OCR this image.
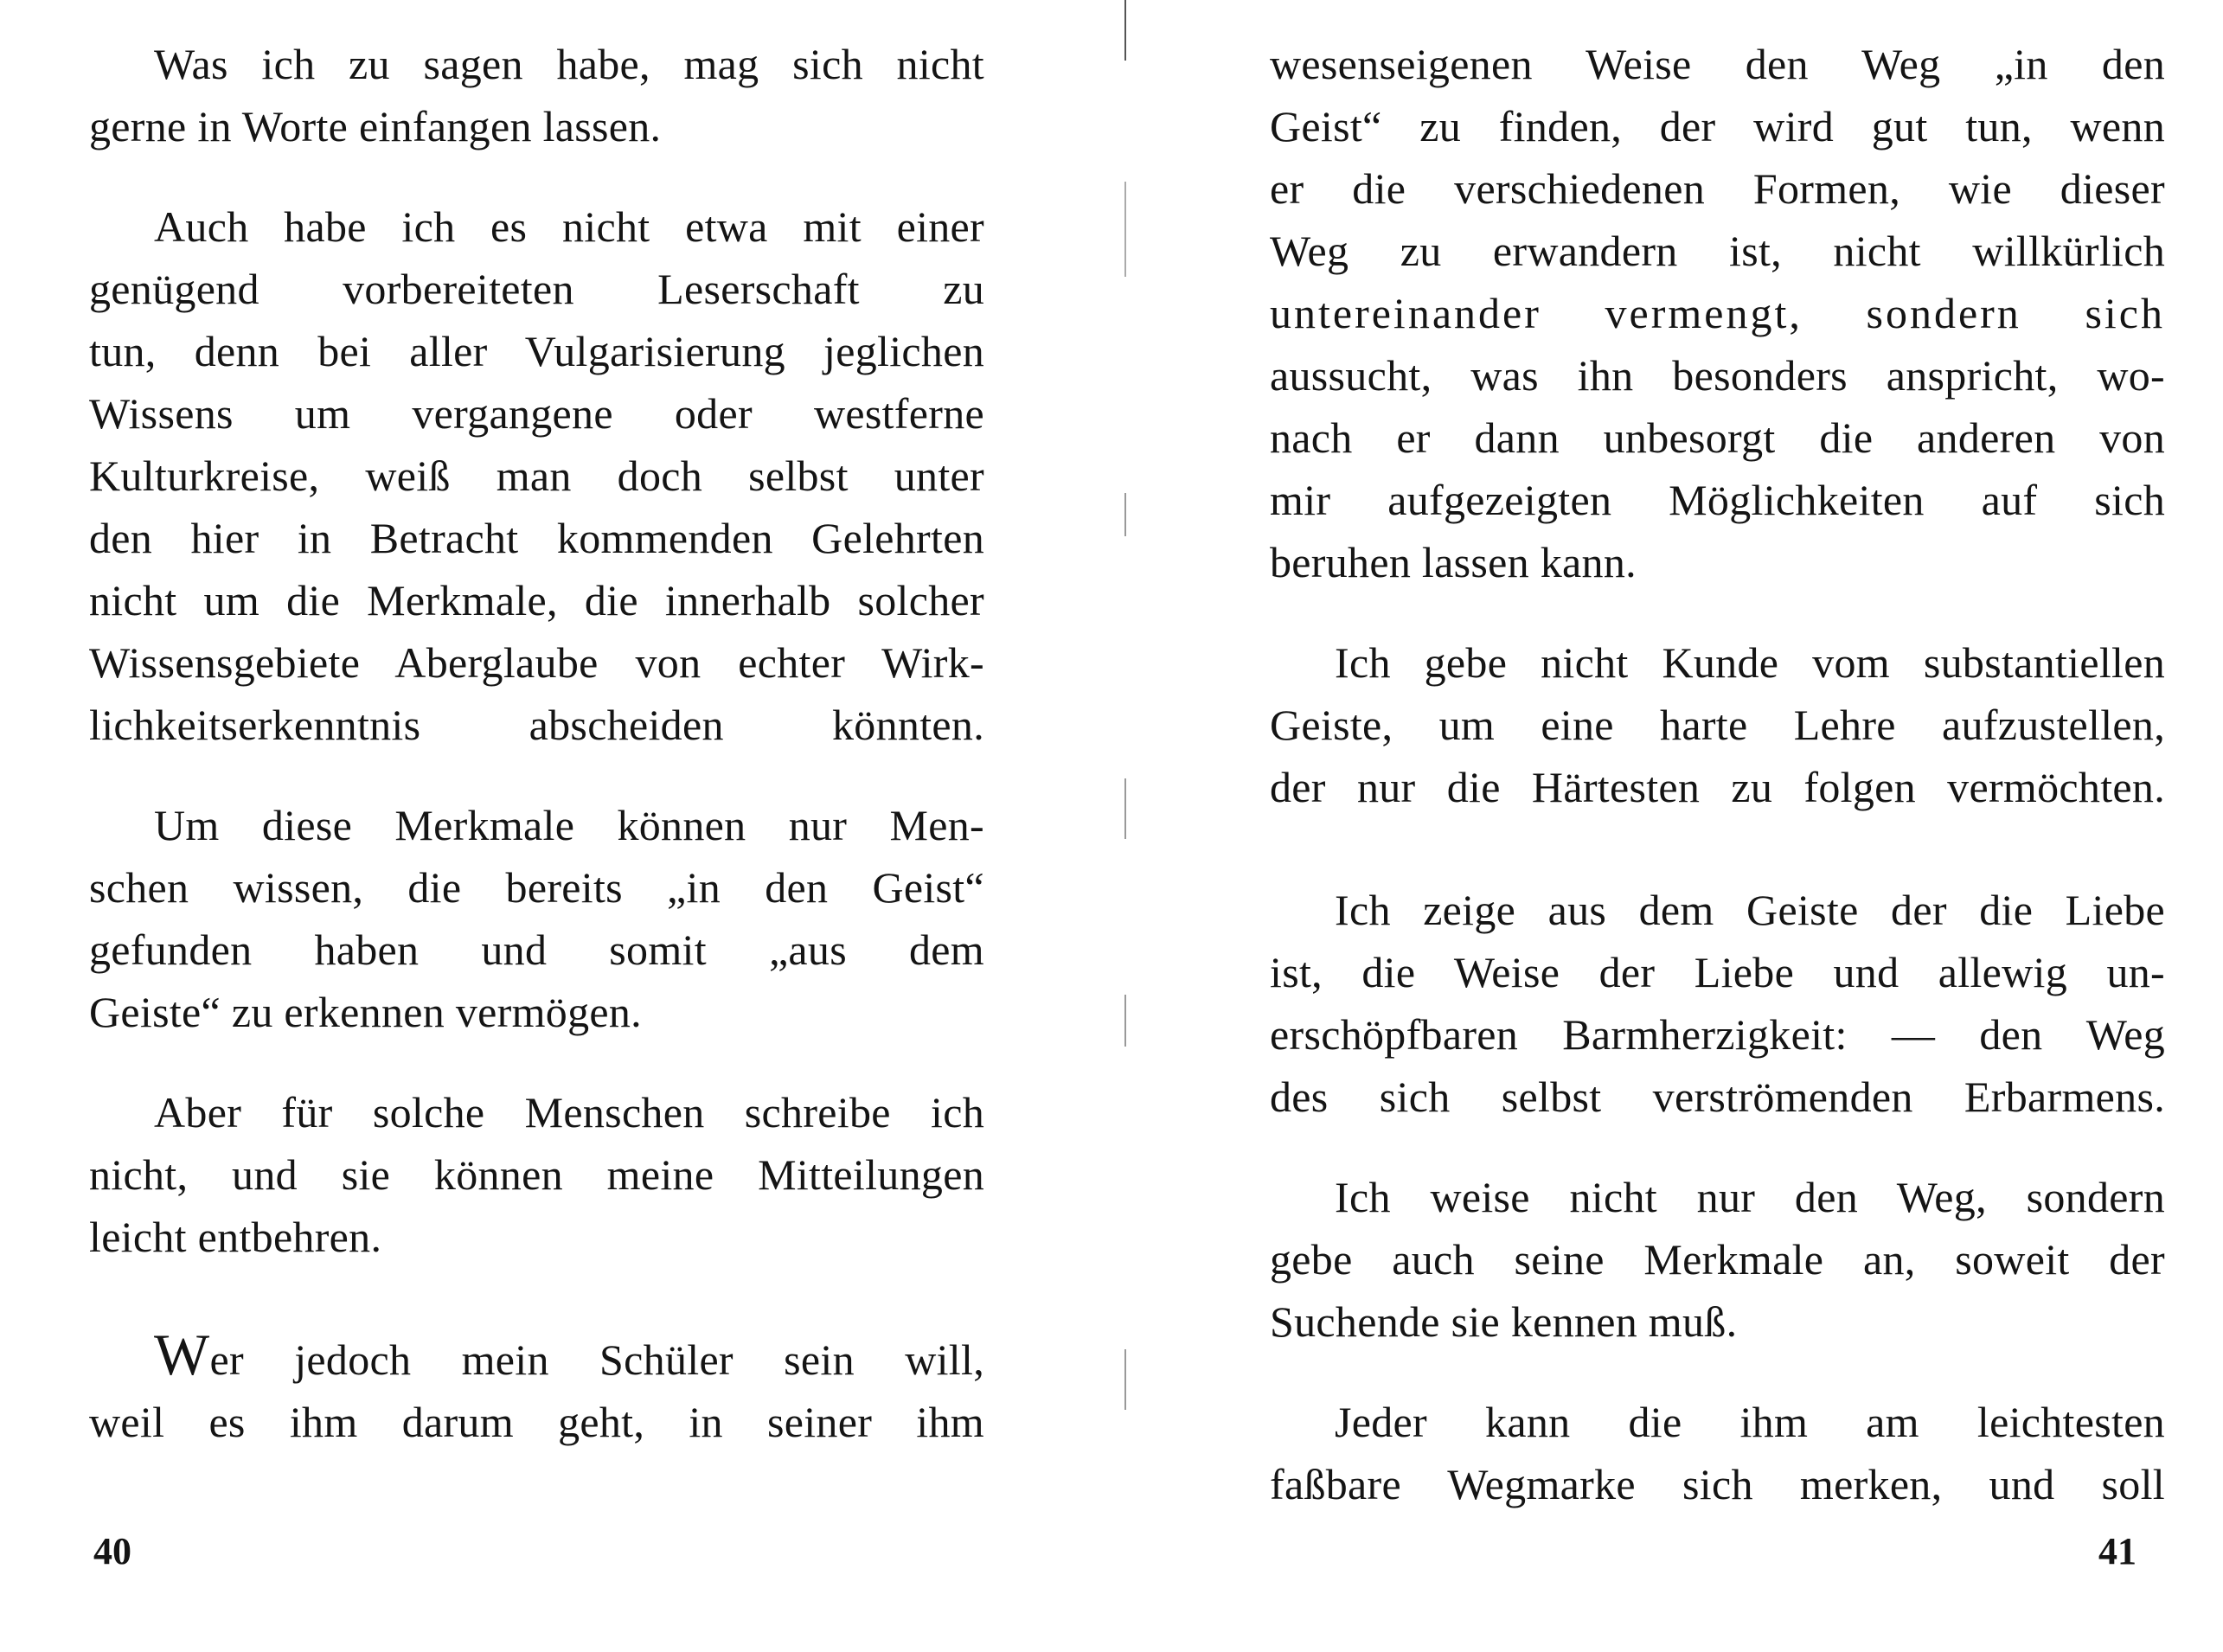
Was ich zu sagen habe, mag sich nicht
gerne in Worte einfangen lassen.

Auch habe ich es nicht etwa mit einer
genügend vorbereiteten Leserschaft zu
tun, denn bei aller Vulgarisierung jeglichen
Wissens um vergangene oder westferne
Kulturkreise, weiß man doch selbst unter
den hier in Betracht kommenden Gelehrten
nicht um die Merkmale, die innerhalb solcher
Wissensgebiete Aberglaube von echter Wirk-
lichkeitserkenntnis abscheiden könnten.

Um diese Merkmale können nur Men-
schen wissen, die bereits „in den Geist“
gefunden haben und somit „aus dem
Geiste“ zu erkennen vermögen.

Aber für solche Menschen schreibe ich
nicht, und sie können meine Mitteilungen
leicht entbehren.

Wer jedoch mein Schüler sein will,
weil es ihm darum geht, in seiner ihm

40

wesenseigenen Weise den Weg „in den
Geist“ zu finden, der wird gut tun, wenn
er die verschiedenen Formen, wie dieser
Weg zu erwandern ist, nicht willkürlich
untereinander vermengt, sondern sich
aussucht, was ihn besonders anspricht, wo-
nach er dann unbesorgt die anderen von
mir aufgezeigten Möglichkeiten auf sich
beruhen lassen kann.

Ich gebe nicht Kunde vom substantiellen
Geiste, um eine harte Lehre aufzustellen,
der nur die Härtesten zu folgen vermöchten.

Ich zeige aus dem Geiste der die Liebe
ist, die Weise der Liebe und allewig un-
erschöpfbaren Barmherzigkeit: — den Weg
des sich selbst verströmenden Erbarmens.

Ich weise nicht nur den Weg, sondern
gebe auch seine Merkmale an, soweit der
Suchende sie kennen muß.

Jeder kann die ihm am leichtesten
faßbare Wegmarke sich merken, und soll

41
